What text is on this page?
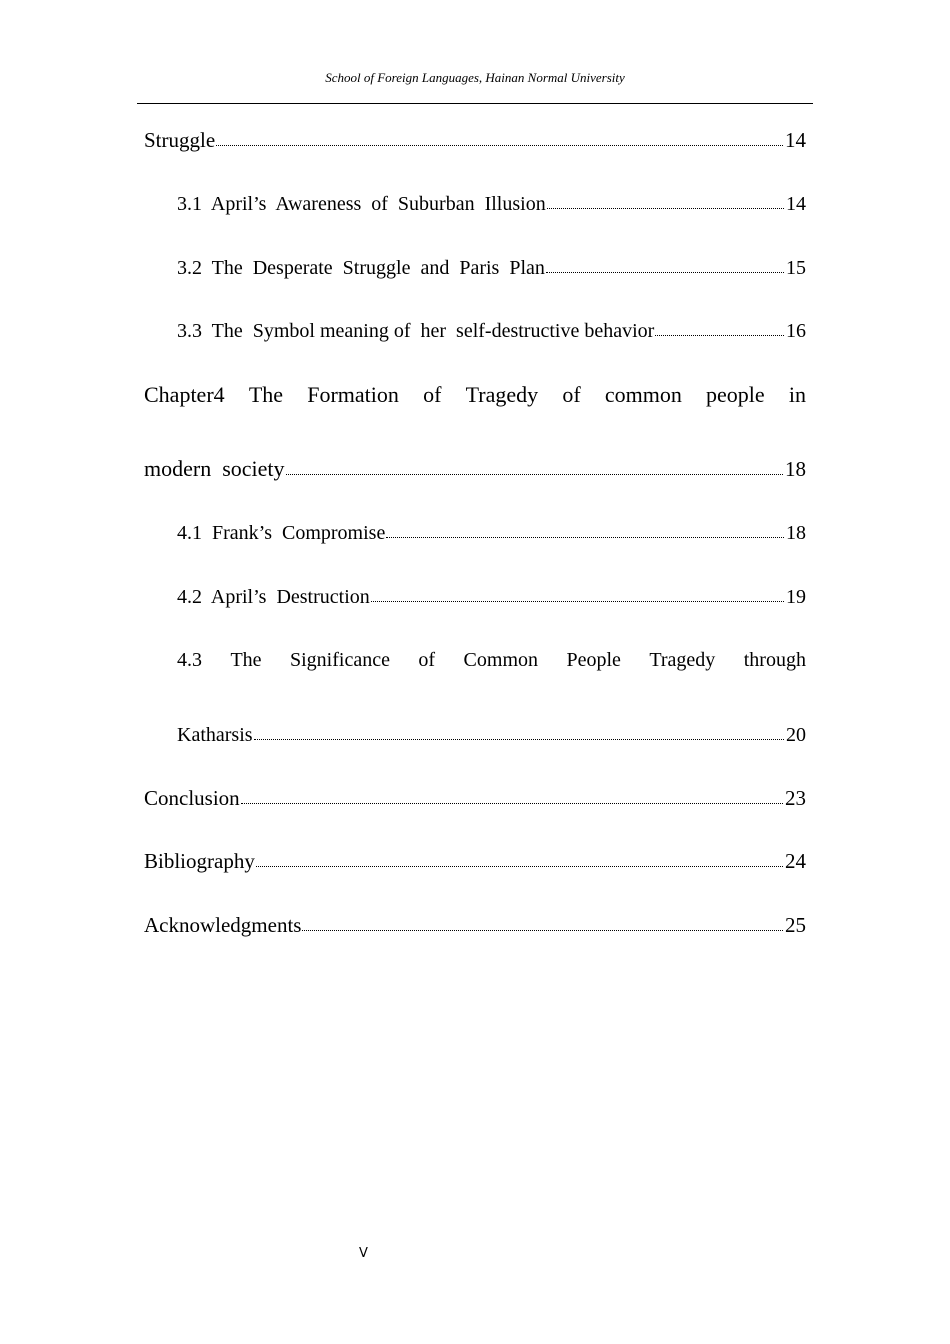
School of Foreign Languages, Hainan Normal University
Struggle	14
3.1  April’s  Awareness  of  Suburban  Illusion	14
3.2  The  Desperate  Struggle  and  Paris  Plan	15
3.3  The  Symbol meaning of  her  self-destructive behavior	16
Chapter4 The Formation of Tragedy of common people in
modern  society	18
4.1  Frank’s  Compromise	18
4.2  April’s  Destruction	19
4.3 The Significance of Common People Tragedy through
Katharsis	20
Conclusion	23
Bibliography	24
Acknowledgments	25
V
